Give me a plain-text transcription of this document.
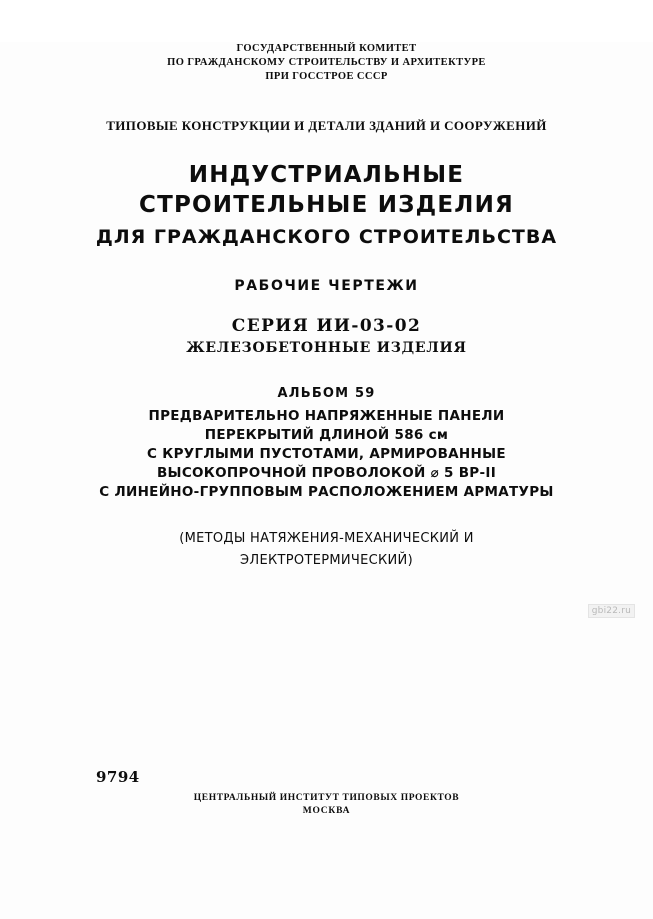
ГОСУДАРСТВЕННЫЙ КОМИТЕТ
ПО ГРАЖДАНСКОМУ СТРОИТЕЛЬСТВУ И АРХИТЕКТУРЕ
ПРИ ГОССТРОЕ СССР
ТИПОВЫЕ КОНСТРУКЦИИ И ДЕТАЛИ ЗДАНИЙ И СООРУЖЕНИЙ
ИНДУСТРИАЛЬНЫЕ
СТРОИТЕЛЬНЫЕ ИЗДЕЛИЯ
ДЛЯ ГРАЖДАНСКОГО СТРОИТЕЛЬСТВА
РАБОЧИЕ ЧЕРТЕЖИ
СЕРИЯ ИИ-03-02
ЖЕЛЕЗОБЕТОННЫЕ ИЗДЕЛИЯ
АЛЬБОМ 59
ПРЕДВАРИТЕЛЬНО НАПРЯЖЕННЫЕ ПАНЕЛИ
ПЕРЕКРЫТИЙ ДЛИНОЙ 586 см
С КРУГЛЫМИ ПУСТОТАМИ, АРМИРОВАННЫЕ
ВЫСОКОПРОЧНОЙ ПРОВОЛОКОЙ ⌀ 5 ВР-II
С ЛИНЕЙНО-ГРУППОВЫМ РАСПОЛОЖЕНИЕМ АРМАТУРЫ
(МЕТОДЫ НАТЯЖЕНИЯ-МЕХАНИЧЕСКИЙ И
ЭЛЕКТРОТЕРМИЧЕСКИЙ)
gbi22.ru
9794
ЦЕНТРАЛЬНЫЙ ИНСТИТУТ ТИПОВЫХ ПРОЕКТОВ
МОСКВА
